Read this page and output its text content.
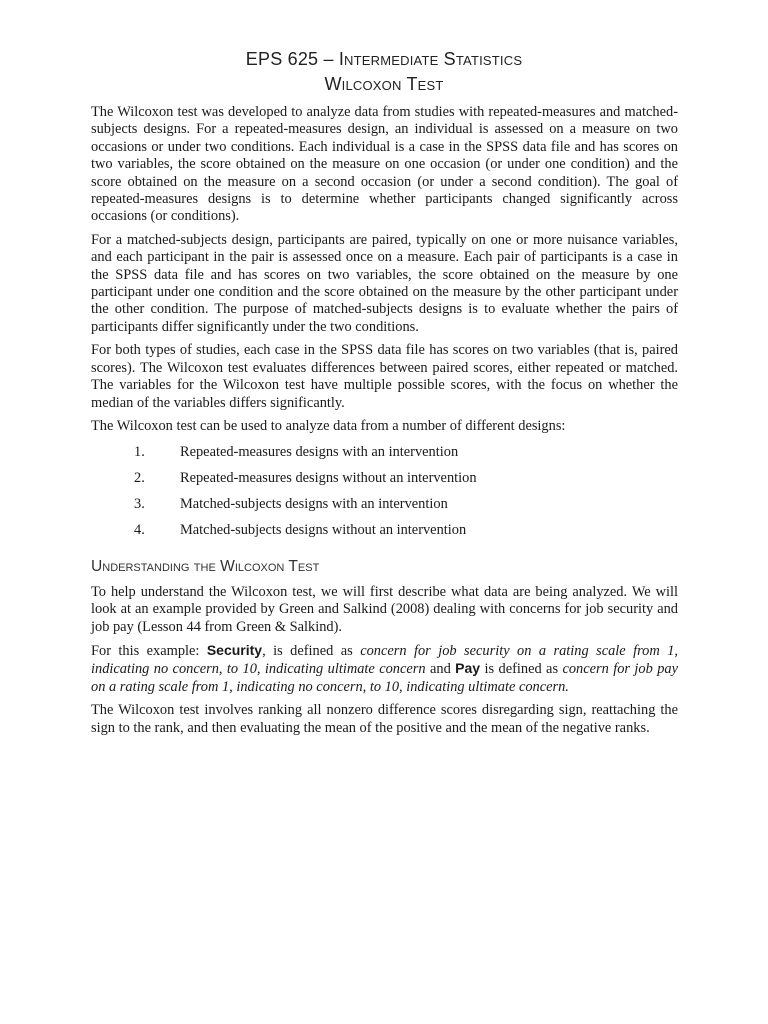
EPS 625 – Intermediate Statistics
Wilcoxon Test

The Wilcoxon test was developed to analyze data from studies with repeated-measures and matched-subjects designs. For a repeated-measures design, an individual is assessed on a measure on two occasions or under two conditions. Each individual is a case in the SPSS data file and has scores on two variables, the score obtained on the measure on one occasion (or under one condition) and the score obtained on the measure on a second occasion (or under a second condition). The goal of repeated-measures designs is to determine whether participants changed significantly across occasions (or conditions).

For a matched-subjects design, participants are paired, typically on one or more nuisance variables, and each participant in the pair is assessed once on a measure. Each pair of participants is a case in the SPSS data file and has scores on two variables, the score obtained on the measure by one participant under one condition and the score obtained on the measure by the other participant under the other condition. The purpose of matched-subjects designs is to evaluate whether the pairs of participants differ significantly under the two conditions.

For both types of studies, each case in the SPSS data file has scores on two variables (that is, paired scores). The Wilcoxon test evaluates differences between paired scores, either repeated or matched. The variables for the Wilcoxon test have multiple possible scores, with the focus on whether the median of the variables differs significantly.

The Wilcoxon test can be used to analyze data from a number of different designs:

1.	Repeated-measures designs with an intervention
2.	Repeated-measures designs without an intervention
3.	Matched-subjects designs with an intervention
4.	Matched-subjects designs without an intervention
Understanding the Wilcoxon Test

To help understand the Wilcoxon test, we will first describe what data are being analyzed. We will look at an example provided by Green and Salkind (2008) dealing with concerns for job security and job pay (Lesson 44 from Green & Salkind).

For this example: Security, is defined as concern for job security on a rating scale from 1, indicating no concern, to 10, indicating ultimate concern and Pay is defined as concern for job pay on a rating scale from 1, indicating no concern, to 10, indicating ultimate concern.

The Wilcoxon test involves ranking all nonzero difference scores disregarding sign, reattaching the sign to the rank, and then evaluating the mean of the positive and the mean of the negative ranks.
